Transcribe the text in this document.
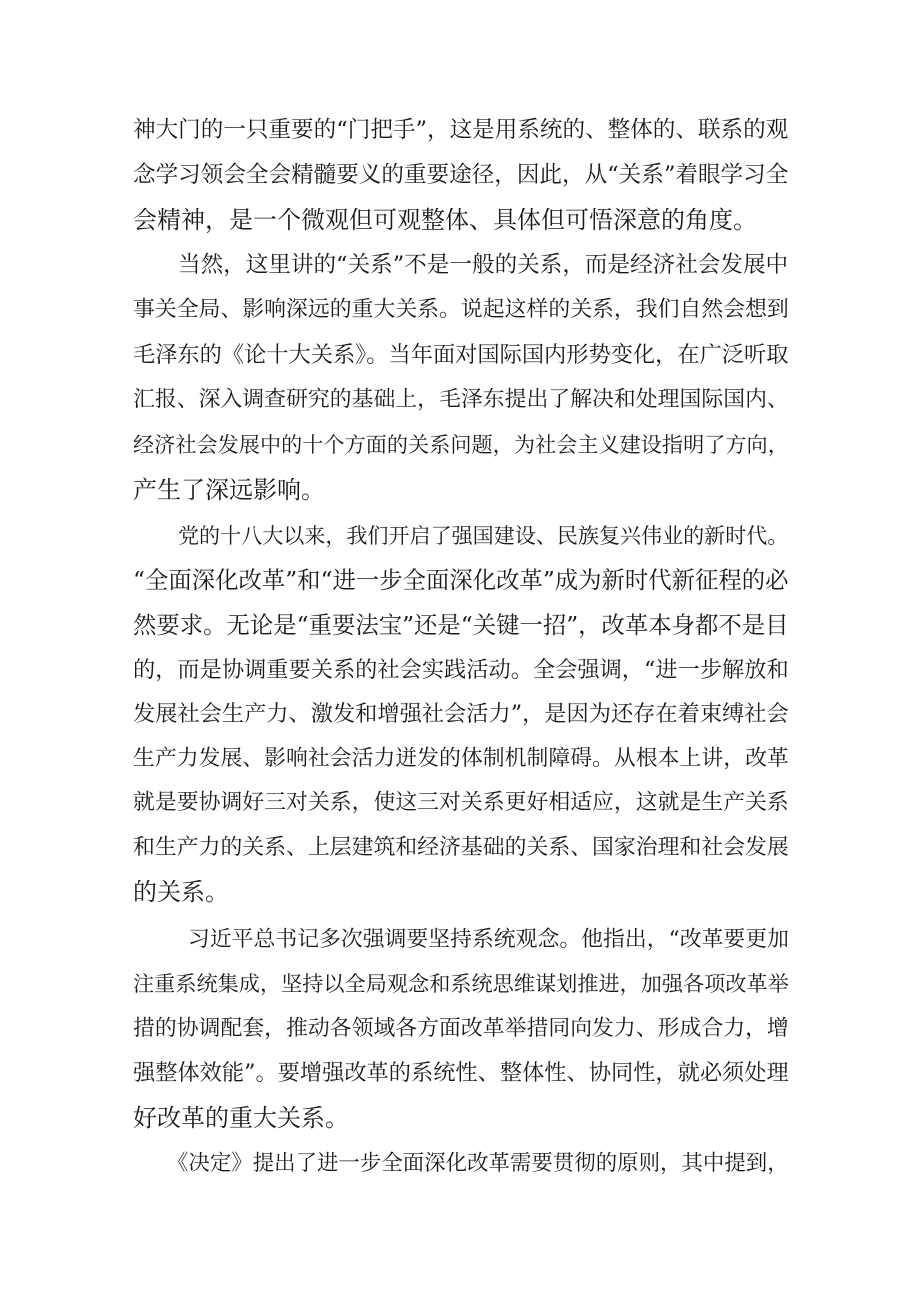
神大门的一只重要的“门把手”，这是用系统的、整体的、联系的观
念学习领会全会精髓要义的重要途径，因此，从“关系”着眼学习全
会精神，是一个微观但可观整体、具体但可悟深意的角度。
当然，这里讲的“关系”不是一般的关系，而是经济社会发展中
事关全局、影响深远的重大关系。说起这样的关系，我们自然会想到
毛泽东的《论十大关系》。当年面对国际国内形势变化，在广泛听取
汇报、深入调查研究的基础上，毛泽东提出了解决和处理国际国内、
经济社会发展中的十个方面的关系问题，为社会主义建设指明了方向，
产生了深远影响。
党的十八大以来，我们开启了强国建设、民族复兴伟业的新时代。
“全面深化改革”和“进一步全面深化改革”成为新时代新征程的必
然要求。无论是“重要法宝”还是“关键一招”，改革本身都不是目
的，而是协调重要关系的社会实践活动。全会强调，“进一步解放和
发展社会生产力、激发和增强社会活力”，是因为还存在着束缚社会
生产力发展、影响社会活力迸发的体制机制障碍。从根本上讲，改革
就是要协调好三对关系，使这三对关系更好相适应，这就是生产关系
和生产力的关系、上层建筑和经济基础的关系、国家治理和社会发展
的关系。
习近平总书记多次强调要坚持系统观念。他指出，“改革要更加
注重系统集成，坚持以全局观念和系统思维谋划推进，加强各项改革举
措的协调配套，推动各领域各方面改革举措同向发力、形成合力，增
强整体效能”。要增强改革的系统性、整体性、协同性，就必须处理
好改革的重大关系。
《决定》提出了进一步全面深化改革需要贯彻的原则，其中提到，
